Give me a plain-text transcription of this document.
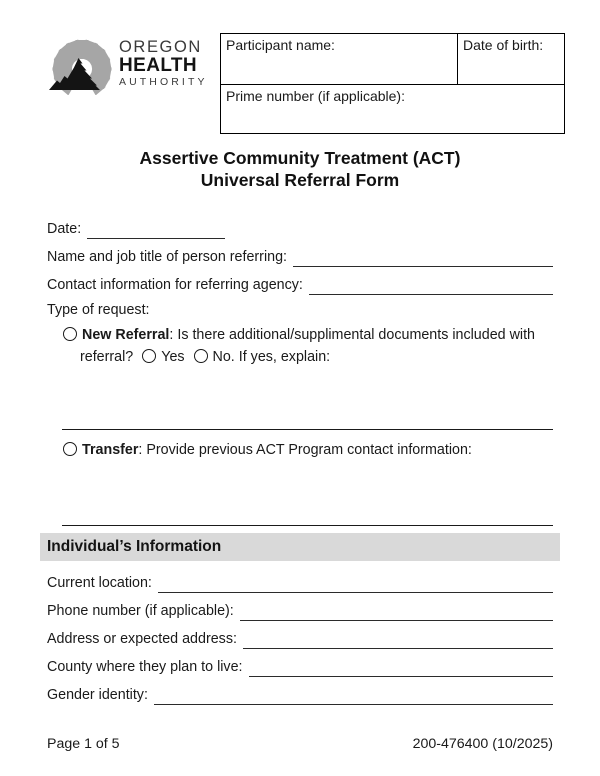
OREGON
HEALTH
AUTHORITY
Participant name:	Date of birth:
Prime number (if applicable):
Assertive Community Treatment (ACT)
Universal Referral Form
Date:
Name and job title of person referring:
Contact information for referring agency:
Type of request:
New Referral: Is there additional/supplimental documents included with referral? Yes No. If yes, explain:
Transfer: Provide previous ACT Program contact information:
Individual’s Information
Current location:
Phone number (if applicable):
Address or expected address:
County where they plan to live:
Gender identity:
Page 1 of 5	200-476400 (10/2025)
